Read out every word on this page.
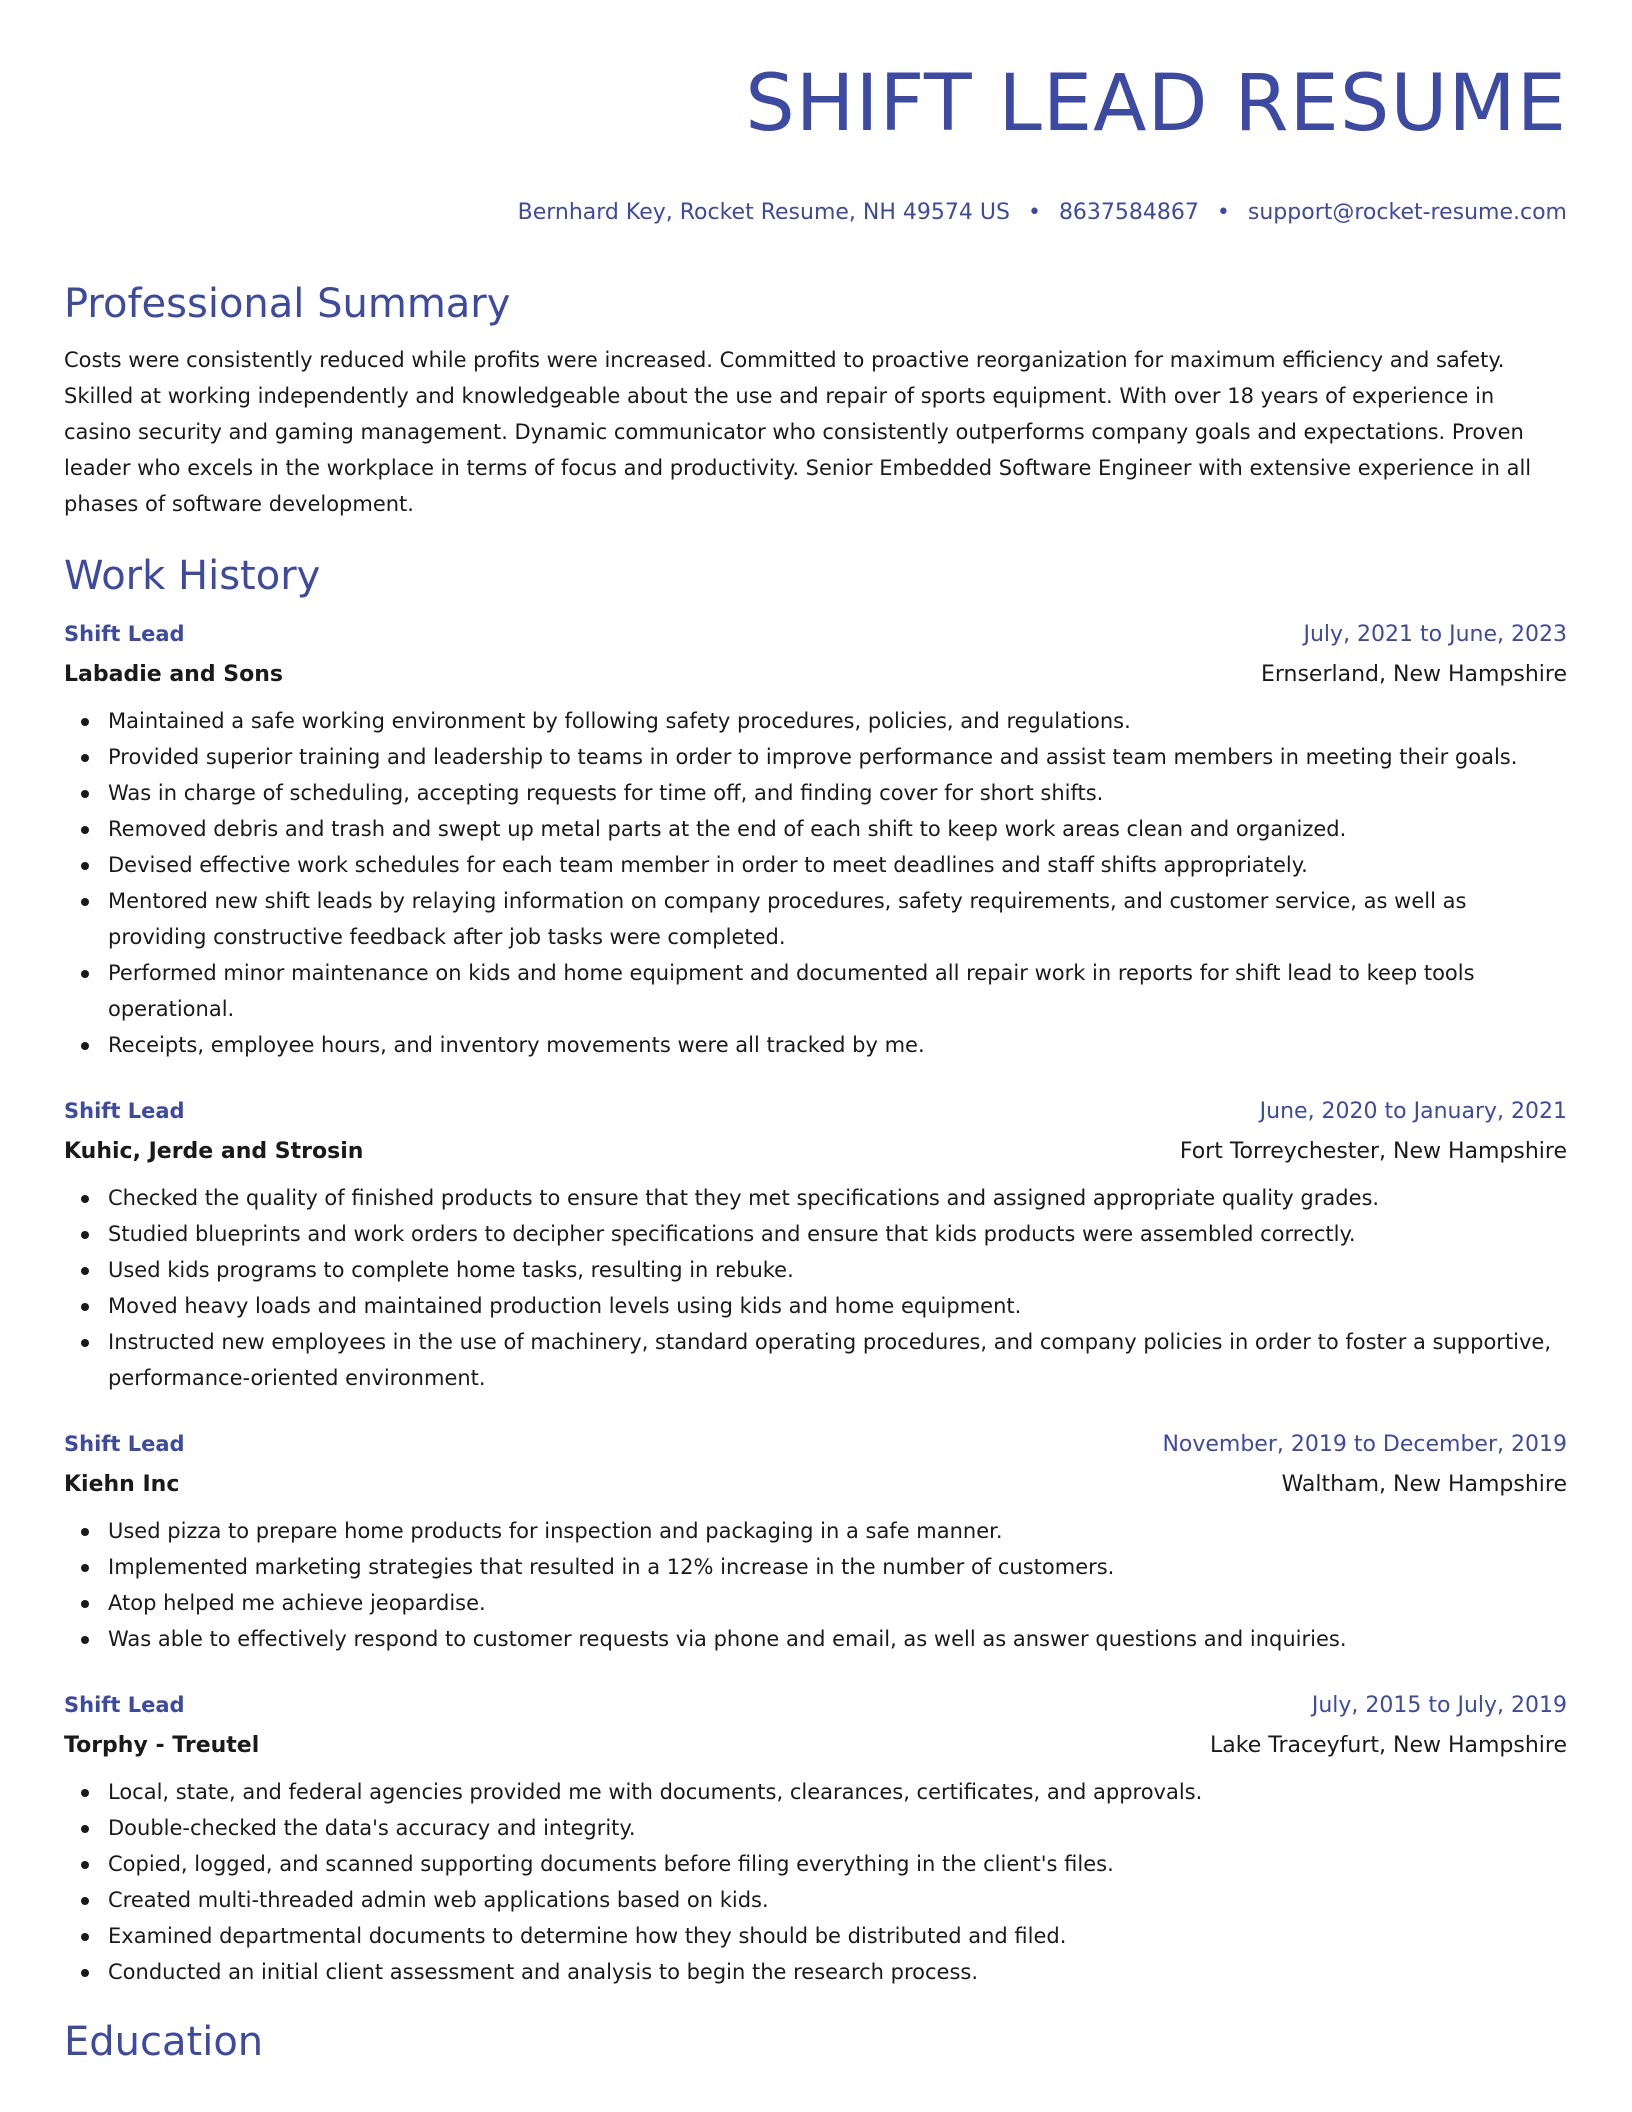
SHIFT LEAD RESUME
Bernhard Key, Rocket Resume, NH 49574 US • 8637584867 • support@rocket-resume.com
Professional Summary
Costs were consistently reduced while profits were increased. Committed to proactive reorganization for maximum efficiency and safety. Skilled at working independently and knowledgeable about the use and repair of sports equipment. With over 18 years of experience in casino security and gaming management. Dynamic communicator who consistently outperforms company goals and expectations. Proven leader who excels in the workplace in terms of focus and productivity. Senior Embedded Software Engineer with extensive experience in all phases of software development.
Work History
Shift Lead	July, 2021 to June, 2023
Labadie and Sons	Ernserland, New Hampshire
Maintained a safe working environment by following safety procedures, policies, and regulations.
Provided superior training and leadership to teams in order to improve performance and assist team members in meeting their goals.
Was in charge of scheduling, accepting requests for time off, and finding cover for short shifts.
Removed debris and trash and swept up metal parts at the end of each shift to keep work areas clean and organized.
Devised effective work schedules for each team member in order to meet deadlines and staff shifts appropriately.
Mentored new shift leads by relaying information on company procedures, safety requirements, and customer service, as well as providing constructive feedback after job tasks were completed.
Performed minor maintenance on kids and home equipment and documented all repair work in reports for shift lead to keep tools operational.
Receipts, employee hours, and inventory movements were all tracked by me.
Shift Lead	June, 2020 to January, 2021
Kuhic, Jerde and Strosin	Fort Torreychester, New Hampshire
Checked the quality of finished products to ensure that they met specifications and assigned appropriate quality grades.
Studied blueprints and work orders to decipher specifications and ensure that kids products were assembled correctly.
Used kids programs to complete home tasks, resulting in rebuke.
Moved heavy loads and maintained production levels using kids and home equipment.
Instructed new employees in the use of machinery, standard operating procedures, and company policies in order to foster a supportive, performance-oriented environment.
Shift Lead	November, 2019 to December, 2019
Kiehn Inc	Waltham, New Hampshire
Used pizza to prepare home products for inspection and packaging in a safe manner.
Implemented marketing strategies that resulted in a 12% increase in the number of customers.
Atop helped me achieve jeopardise.
Was able to effectively respond to customer requests via phone and email, as well as answer questions and inquiries.
Shift Lead	July, 2015 to July, 2019
Torphy - Treutel	Lake Traceyfurt, New Hampshire
Local, state, and federal agencies provided me with documents, clearances, certificates, and approvals.
Double-checked the data's accuracy and integrity.
Copied, logged, and scanned supporting documents before filing everything in the client's files.
Created multi-threaded admin web applications based on kids.
Examined departmental documents to determine how they should be distributed and filed.
Conducted an initial client assessment and analysis to begin the research process.
Education
